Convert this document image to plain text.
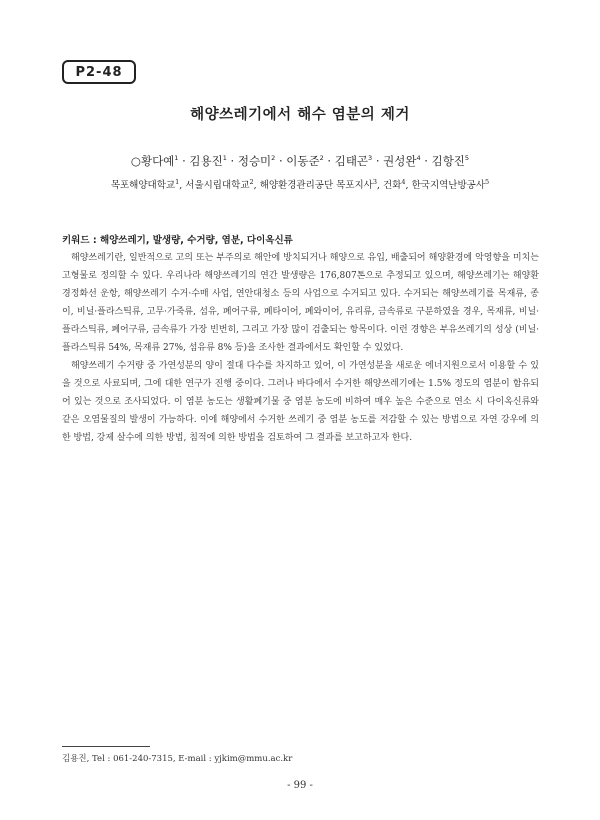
P2-48
해양쓰레기에서 해수 염분의 제거
○황다예$^1$ · 김용진$^1$ · 정승미$^2$ · 이동준$^2$ · 김태곤$^3$ · 권성완$^4$ · 김항진$^5$
목포해양대학교$^1$, 서울시립대학교$^2$, 해양환경관리공단 목포지사$^3$, 건화$^4$, 한국지역난방공사$^5$
키워드 : 해양쓰레기, 발생량, 수거량, 염분, 다이옥신류

해양쓰레기란, 일반적으로 고의 또는 부주의로 해안에 방치되거나 해양으로 유입, 배출되어 해양환경에 악영향을 미치는 고형물로 정의할 수 있다. 우리나라 해양쓰레기의 연간 발생량은 176,807톤으로 추정되고 있으며, 해양쓰레기는 해양환경정화선 운항, 해양쓰레기 수거·수매 사업, 연안대청소 등의 사업으로 수거되고 있다. 수거되는 해양쓰레기를 목재류, 종이, 비닐·플라스틱류, 고무·가죽류, 섬유, 폐어구류, 폐타이어, 폐와이어, 유리류, 금속류로 구분하였을 경우, 목재류, 비닐·플라스틱류, 폐어구류, 금속류가 가장 빈번히, 그리고 가장 많이 검출되는 항목이다. 이런 경향은 부유쓰레기의 성상 (비닐·플라스틱류 54%, 목재류 27%, 섬유류 8% 등)을 조사한 결과에서도 확인할 수 있었다.

해양쓰레기 수거량 중 가연성분의 양이 절대 다수를 차지하고 있어, 이 가연성분을 새로운 에너지원으로서 이용할 수 있을 것으로 사료되며, 그에 대한 연구가 진행 중이다. 그러나 바다에서 수거한 해양쓰레기에는 1.5% 정도의 염분이 함유되어 있는 것으로 조사되었다. 이 염분 농도는 생활폐기물 중 염분 농도에 비하여 매우 높은 수준으로 연소 시 다이옥신류와 같은 오염물질의 발생이 가능하다. 이에 해양에서 수거한 쓰레기 중 염분 농도를 저감할 수 있는 방법으로 자연 강우에 의한 방법, 강제 살수에 의한 방법, 침적에 의한 방법을 검토하여 그 결과를 보고하고자 한다.

김용진, Tel : 061-240-7315, E-mail : yjkim@mmu.ac.kr
- 99 -
